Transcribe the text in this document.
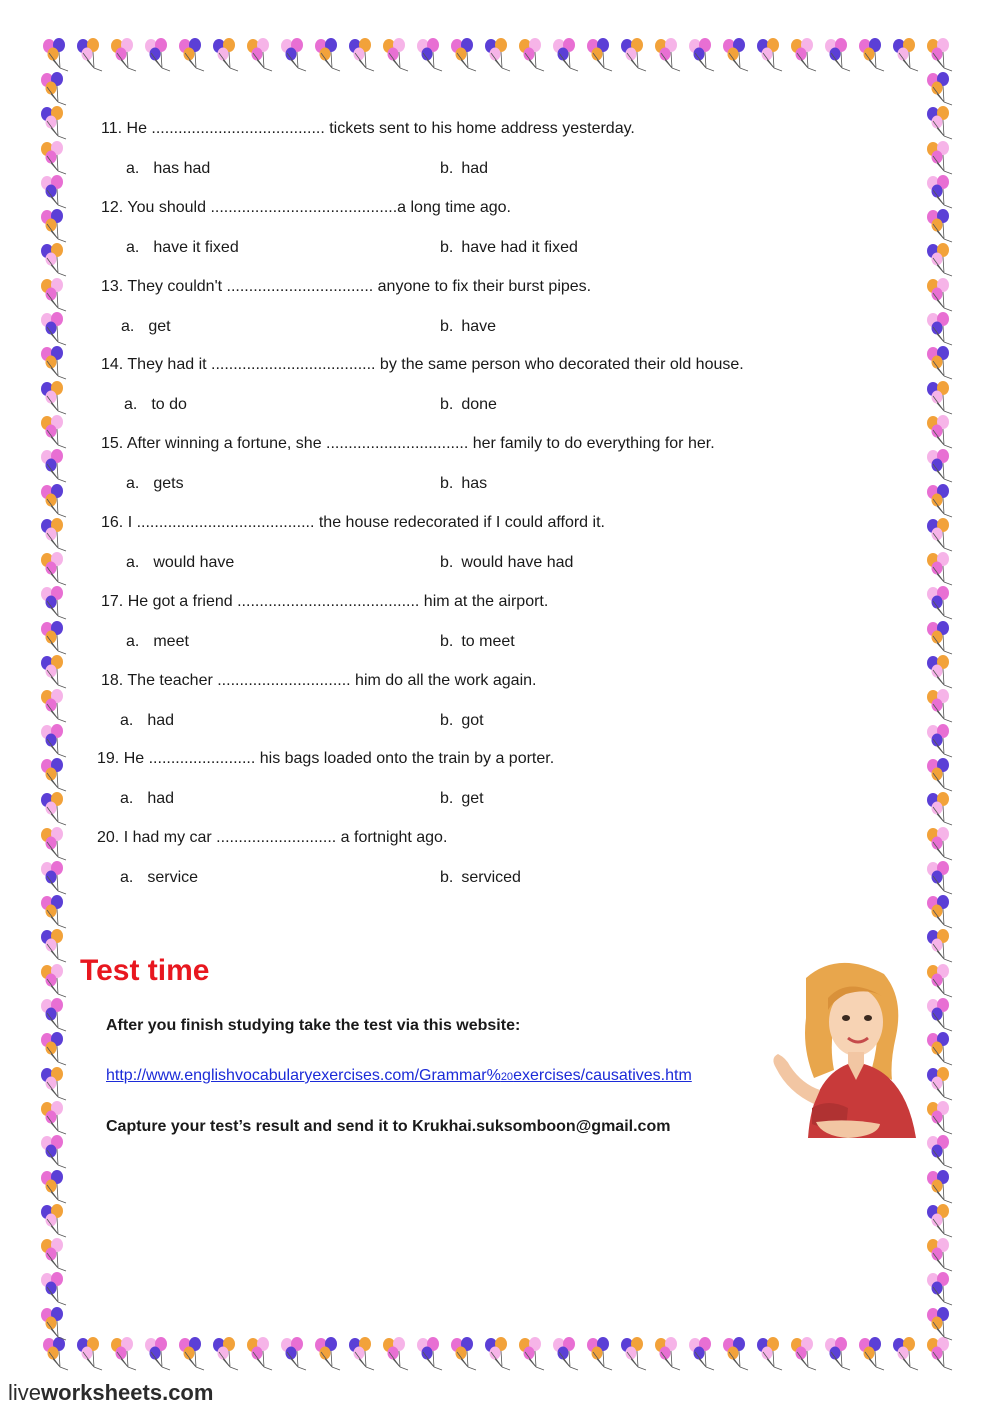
11. He ....................................... tickets sent to his home address yesterday.
a. has had	b. had
12. You should ..........................................a long time ago.
a. have it fixed	b. have had it fixed
13. They couldn't ................................. anyone to fix their burst pipes.
a. get	b. have
14. They had it ..................................... by the same person who decorated their old house.
a. to do	b. done
15. After winning a fortune, she ................................ her family to do everything for her.
a. gets	b. has
16. I ........................................ the house redecorated if I could afford it.
a. would have	b. would have had
17. He got a friend ......................................... him at the airport.
a. meet	b. to meet
18. The teacher .............................. him do all the work again.
a. had	b. got
19. He ........................ his bags loaded onto the train by a porter.
a. had	b. get
20. I had my car ........................... a fortnight ago.
a. service	b. serviced
Test time
After you finish studying take the test via this website:
http://www.englishvocabularyexercises.com/Grammar%20exercises/causatives.htm
Capture your test’s result and send it to Krukhai.suksomboon@gmail.com
liveworksheets.com
